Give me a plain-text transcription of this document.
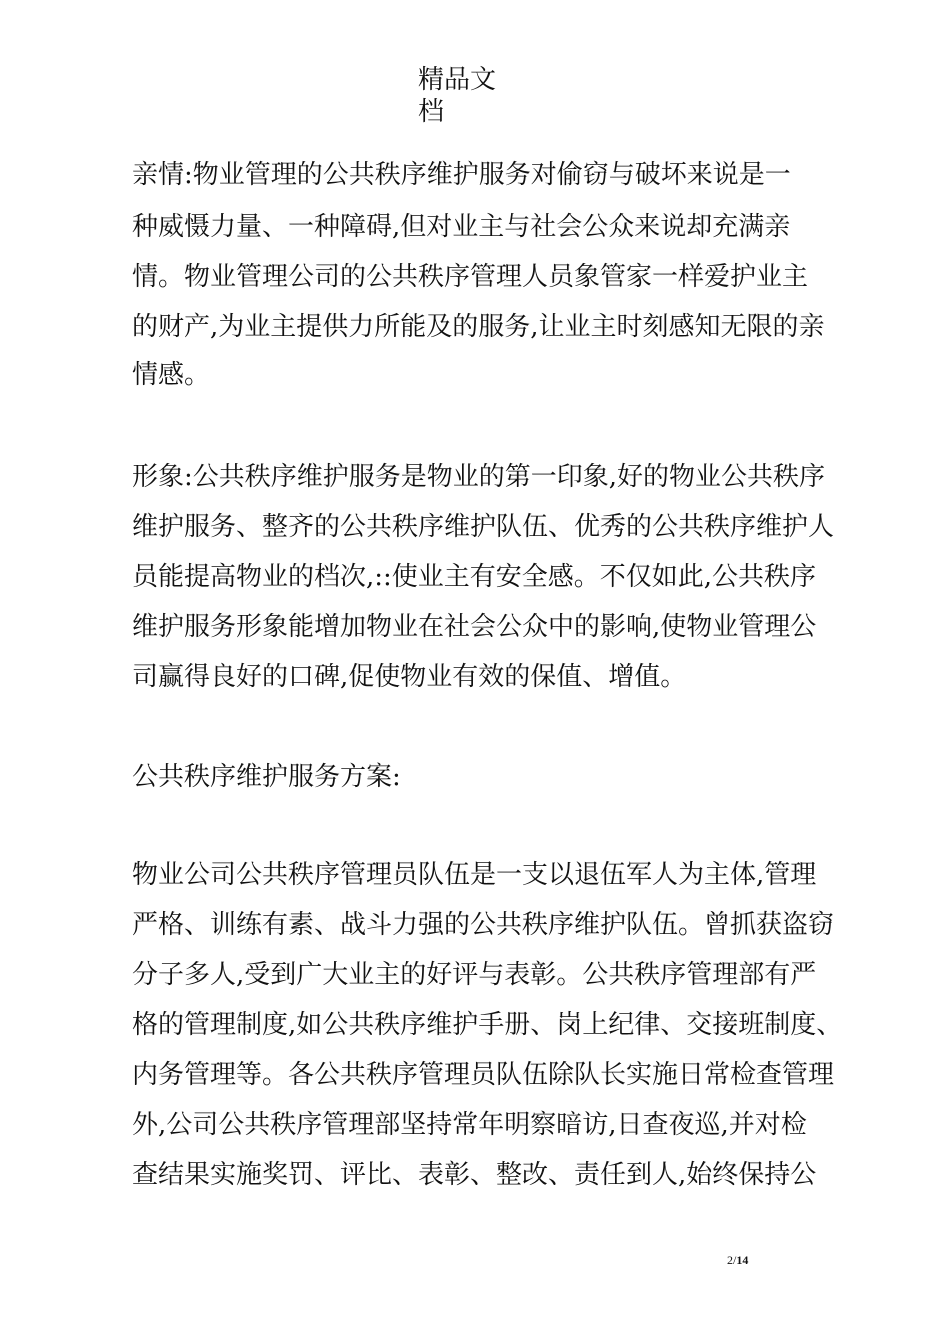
精品文档
亲情:物业管理的公共秩序维护服务对偷窃与破坏来说是一
种威慑力量、一种障碍,但对业主与社会公众来说却充满亲
情。物业管理公司的公共秩序管理人员象管家一样爱护业主
的财产,为业主提供力所能及的服务,让业主时刻感知无限的亲
情感。
形象:公共秩序维护服务是物业的第一印象,好的物业公共秩序
维护服务、整齐的公共秩序维护队伍、优秀的公共秩序维护人
员能提高物业的档次,::使业主有安全感。不仅如此,公共秩序
维护服务形象能增加物业在社会公众中的影响,使物业管理公
司赢得良好的口碑,促使物业有效的保值、增值。
公共秩序维护服务方案:
物业公司公共秩序管理员队伍是一支以退伍军人为主体,管理
严格、训练有素、战斗力强的公共秩序维护队伍。曾抓获盗窃
分子多人,受到广大业主的好评与表彰。公共秩序管理部有严
格的管理制度,如公共秩序维护手册、岗上纪律、交接班制度、
内务管理等。各公共秩序管理员队伍除队长实施日常检查管理
外,公司公共秩序管理部坚持常年明察暗访,日查夜巡,并对检
查结果实施奖罚、评比、表彰、整改、责任到人,始终保持公
2/14
